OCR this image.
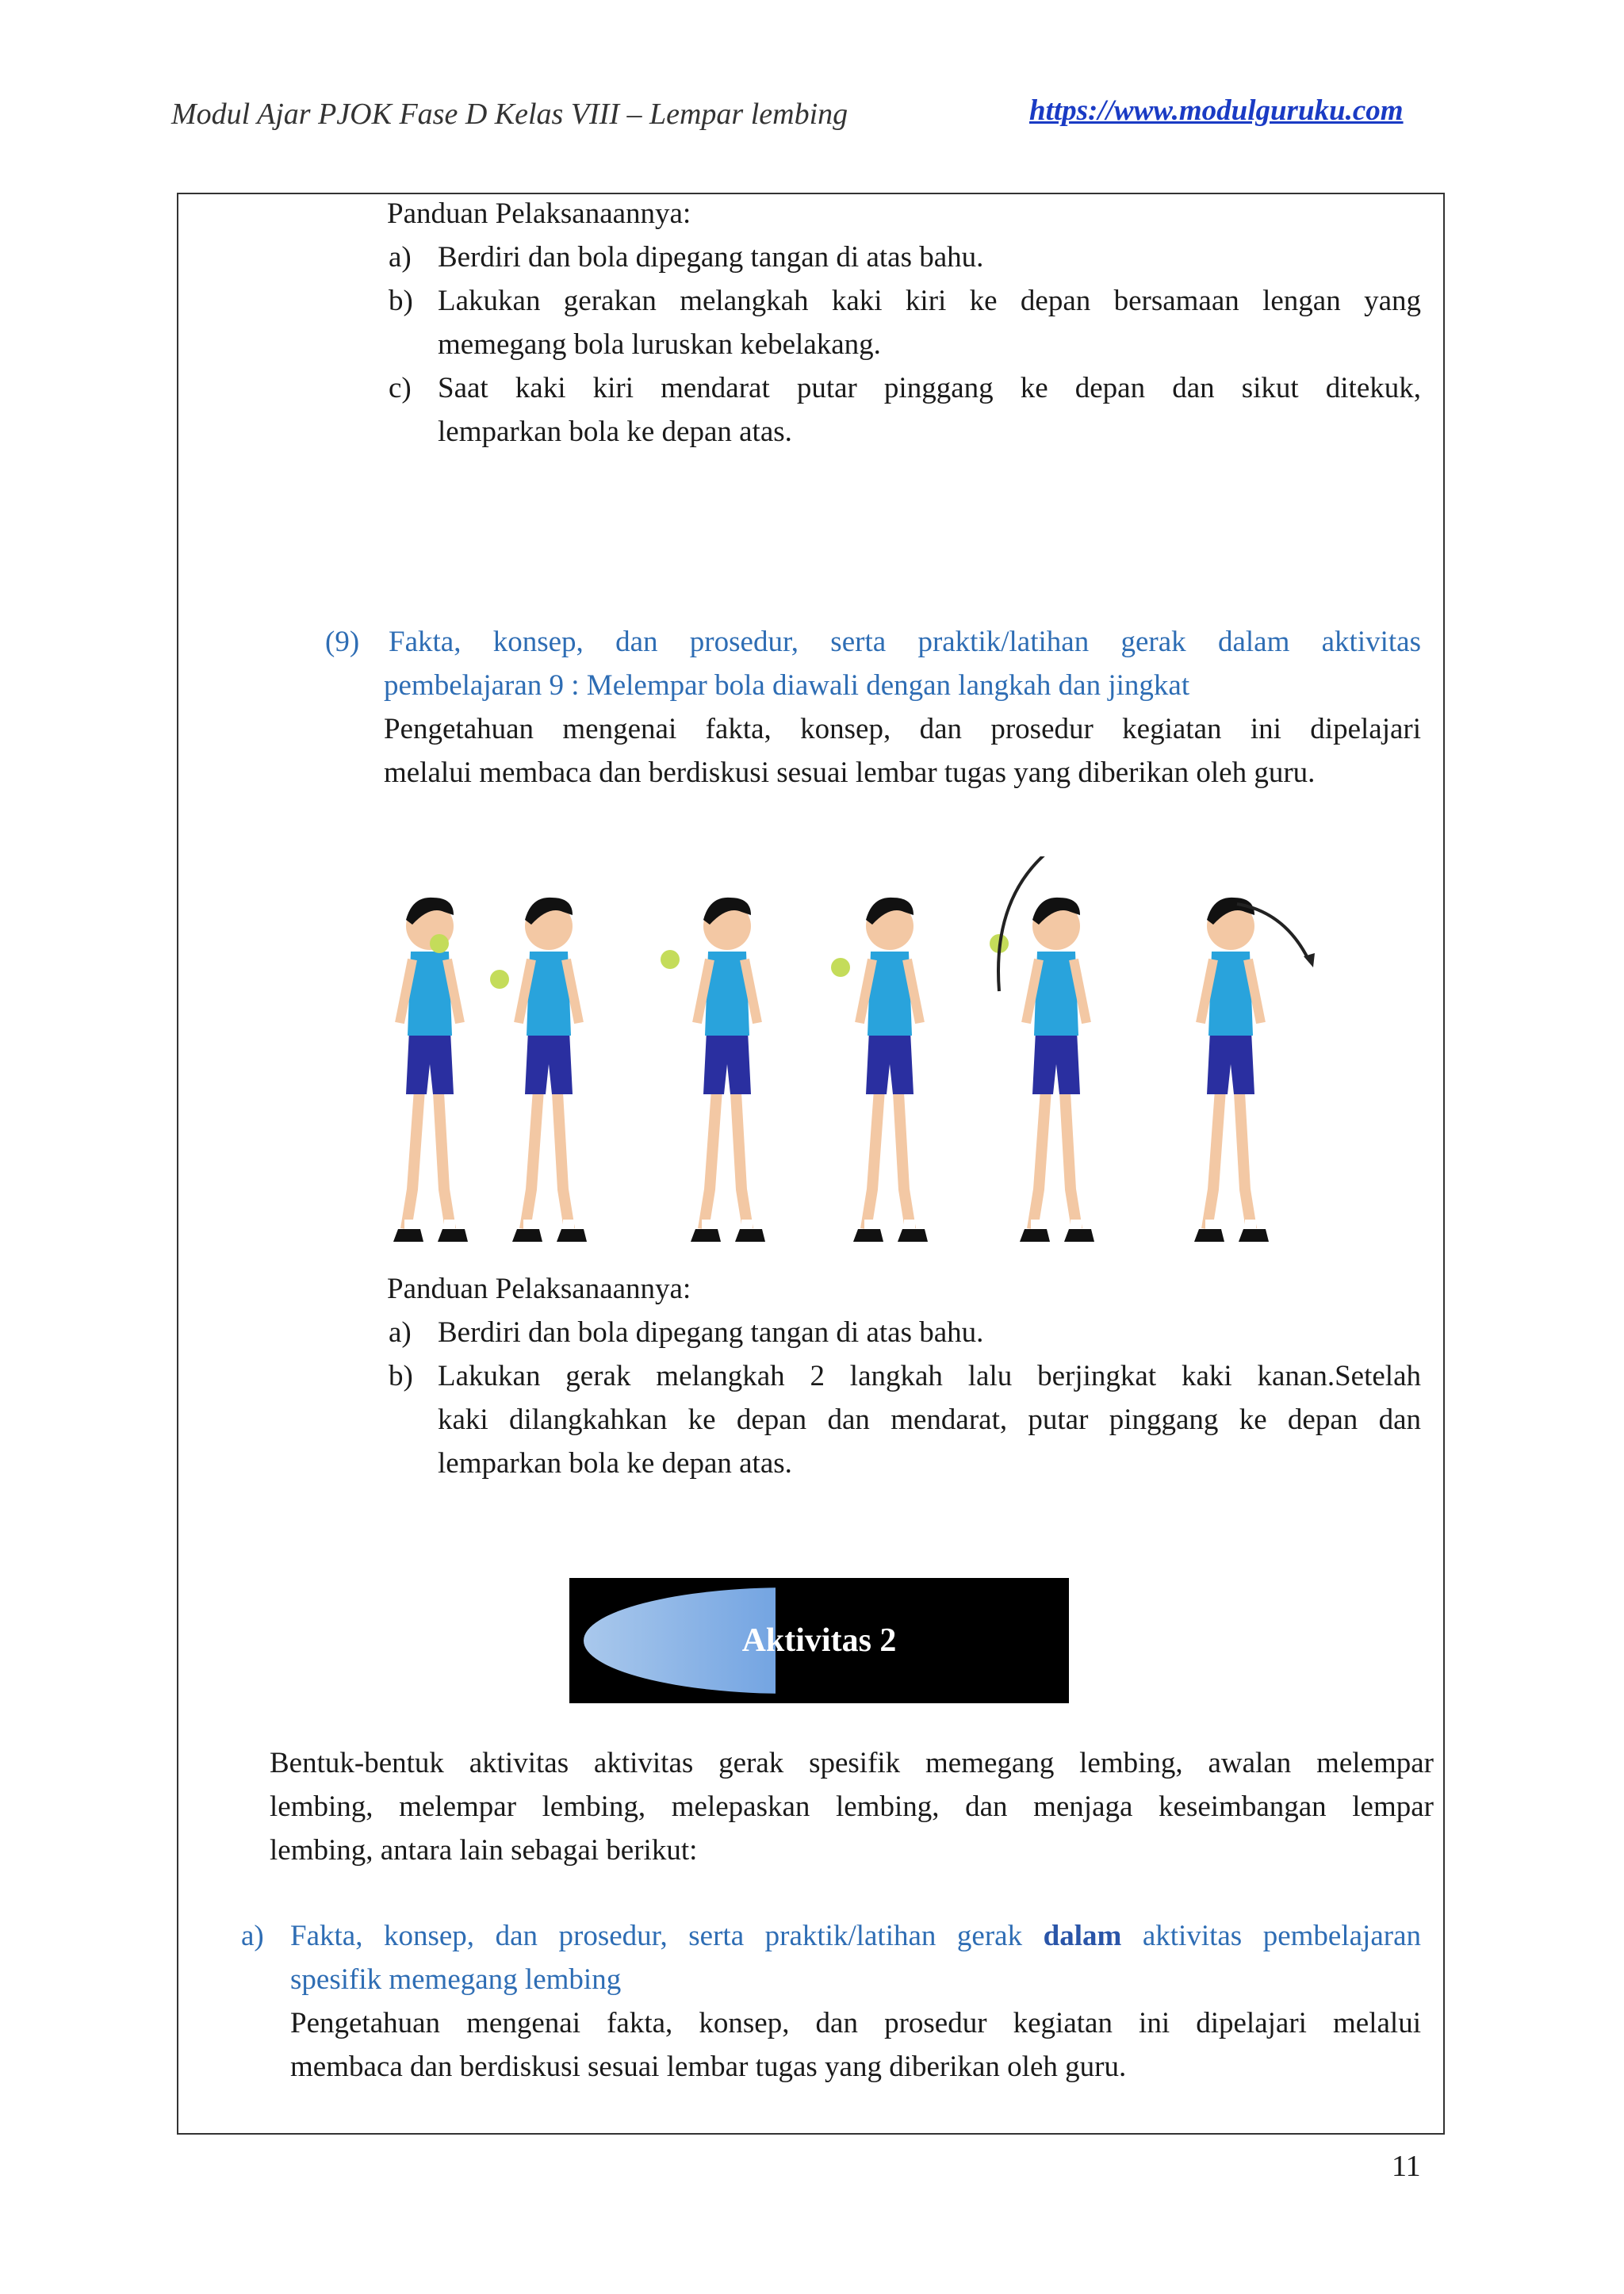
Modul Ajar PJOK Fase D Kelas VIII – Lempar lembing	https://www.modulguruku.com
Panduan Pelaksanaannya:
a) Berdiri dan bola dipegang tangan di atas bahu.
b) Lakukan gerakan melangkah kaki kiri ke depan bersamaan lengan yang
memegang bola luruskan kebelakang.
c) Saat kaki kiri mendarat putar pinggang ke depan dan sikut ditekuk,
lemparkan bola ke depan atas.
(9) Fakta, konsep, dan prosedur, serta praktik/latihan gerak dalam aktivitas
pembelajaran 9 : Melempar bola diawali dengan langkah dan jingkat
Pengetahuan mengenai fakta, konsep, dan prosedur kegiatan ini dipelajari
melalui membaca dan berdiskusi sesuai lembar tugas yang diberikan oleh guru.
Panduan Pelaksanaannya:
a) Berdiri dan bola dipegang tangan di atas bahu.
b) Lakukan gerak melangkah 2 langkah lalu berjingkat kaki kanan.Setelah
kaki dilangkahkan ke depan dan mendarat, putar pinggang ke depan dan
lemparkan bola ke depan atas.
Aktivitas 2
Bentuk-bentuk aktivitas aktivitas gerak spesifik memegang lembing, awalan melempar
lembing, melempar lembing, melepaskan lembing, dan menjaga keseimbangan lempar
lembing, antara lain sebagai berikut:
a) Fakta, konsep, dan prosedur, serta praktik/latihan gerak dalam aktivitas pembelajaran
spesifik memegang lembing
Pengetahuan mengenai fakta, konsep, dan prosedur kegiatan ini dipelajari melalui
membaca dan berdiskusi sesuai lembar tugas yang diberikan oleh guru.
11
